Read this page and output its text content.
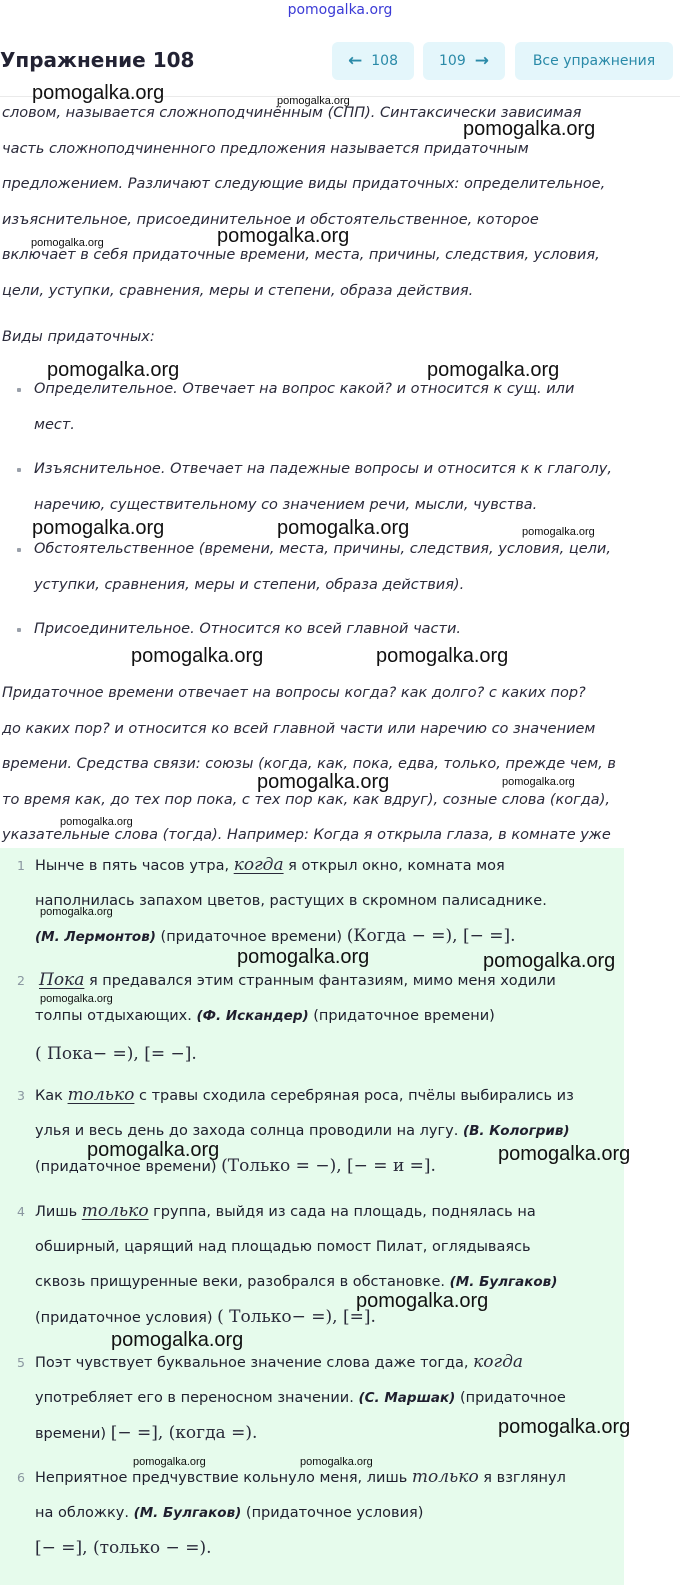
pomogalka.org
Упражнение 108	← 108	109 →	Все упражнения

словом, называется сложноподчинённым (СПП). Синтаксически зависимая

часть сложноподчиненного предложения называется придаточным

предложением. Различают следующие виды придаточных: определительное,

изъяснительное, присоединительное и обстоятельственное, которое

включает в себя придаточные времени, места, причины, следствия, условия,

цели, уступки, сравнения, меры и степени, образа действия.

Виды придаточных:

Определительное. Отвечает на вопрос какой? и относится к сущ. или

мест.

Изъяснительное. Отвечает на падежные вопросы и относится к к глаголу,

наречию, существительному со значением речи, мысли, чувства.

Обстоятельственное (времени, места, причины, следствия, условия, цели,

уступки, сравнения, меры и степени, образа действия).

Присоединительное. Относится ко всей главной части.

Придаточное времени отвечает на вопросы когда? как долго? с каких пор?

до каких пор? и относится ко всей главной части или наречию со значением

времени. Средства связи: союзы (когда, как, пока, едва, только, прежде чем, в

то время как, до тех пор пока, с тех пор как, как вдруг), созные слова (когда),

указательные слова (тогда). Например: Когда я открыла глаза, в комнате уже

1 Нынче в пять часов утра, когда я открыл окно, комната моя

наполнилась запахом цветов, растущих в скромном палисаднике.

(М. Лермонтов) (придаточное времени) (Когда − =), [− =].

2 Пока я предавался этим странным фантазиям, мимо меня ходили

толпы отдыхающих. (Ф. Искандер) (придаточное времени)

( Пока− =), [= −].

3 Как только с травы сходила серебряная роса, пчёлы выбирались из

улья и весь день до захода солнца проводили на лугу. (В. Кологрив)

(придаточное времени) (Только = −), [− = и =].

4 Лишь только группа, выйдя из сада на площадь, поднялась на

обширный, царящий над площадью помост Пилат, оглядываясь

сквозь прищуренные веки, разобрался в обстановке. (М. Булгаков)

(придаточное условия) ( Только− =), [=].

5 Поэт чувствует буквальное значение слова даже тогда, когда

употребляет его в переносном значении. (С. Маршак) (придаточное

времени) [− =], (когда =).

6 Неприятное предчувствие кольнуло меня, лишь только я взглянул

на обложку. (М. Булгаков) (придаточное условия)

[− =], (только − =).

pomogalka.org	pomogalka.org
pomogalka.org
pomogalka.org	pomogalka.org
pomogalka.org	pomogalka.org
pomogalka.org	pomogalka.org	pomogalka.org
pomogalka.org	pomogalka.org
pomogalka.org	pomogalka.org
pomogalka.org
pomogalka.org
pomogalka.org	pomogalka.org
pomogalka.org
pomogalka.org	pomogalka.org
pomogalka.org
pomogalka.org
pomogalka.org
pomogalka.org	pomogalka.org
